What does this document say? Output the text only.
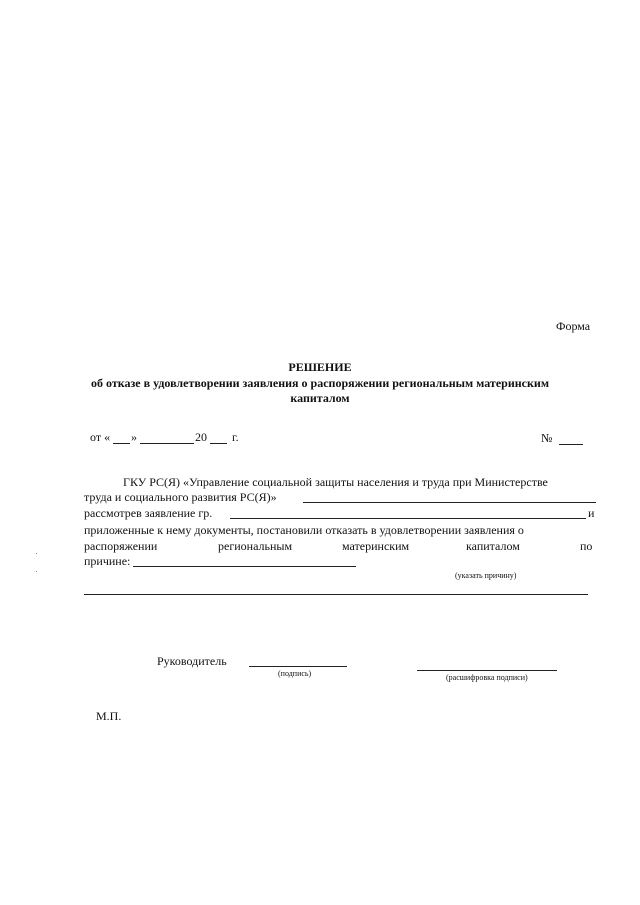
Форма
РЕШЕНИЕ
об отказе в удовлетворении заявления о распоряжении региональным материнским
капиталом
от « »	20 г.	№
ГКУ РС(Я) «Управление социальной защиты населения и труда при Министерстве
труда и социального развития РС(Я)»
рассмотрев заявление гр.	и
приложенные к нему документы, постановили отказать в удовлетворении заявления о
распоряжении	региональным	материнским	капиталом	по
причине:
(указать причину)
Руководитель
(подпись)	(расшифровка подписи)
М.П.
